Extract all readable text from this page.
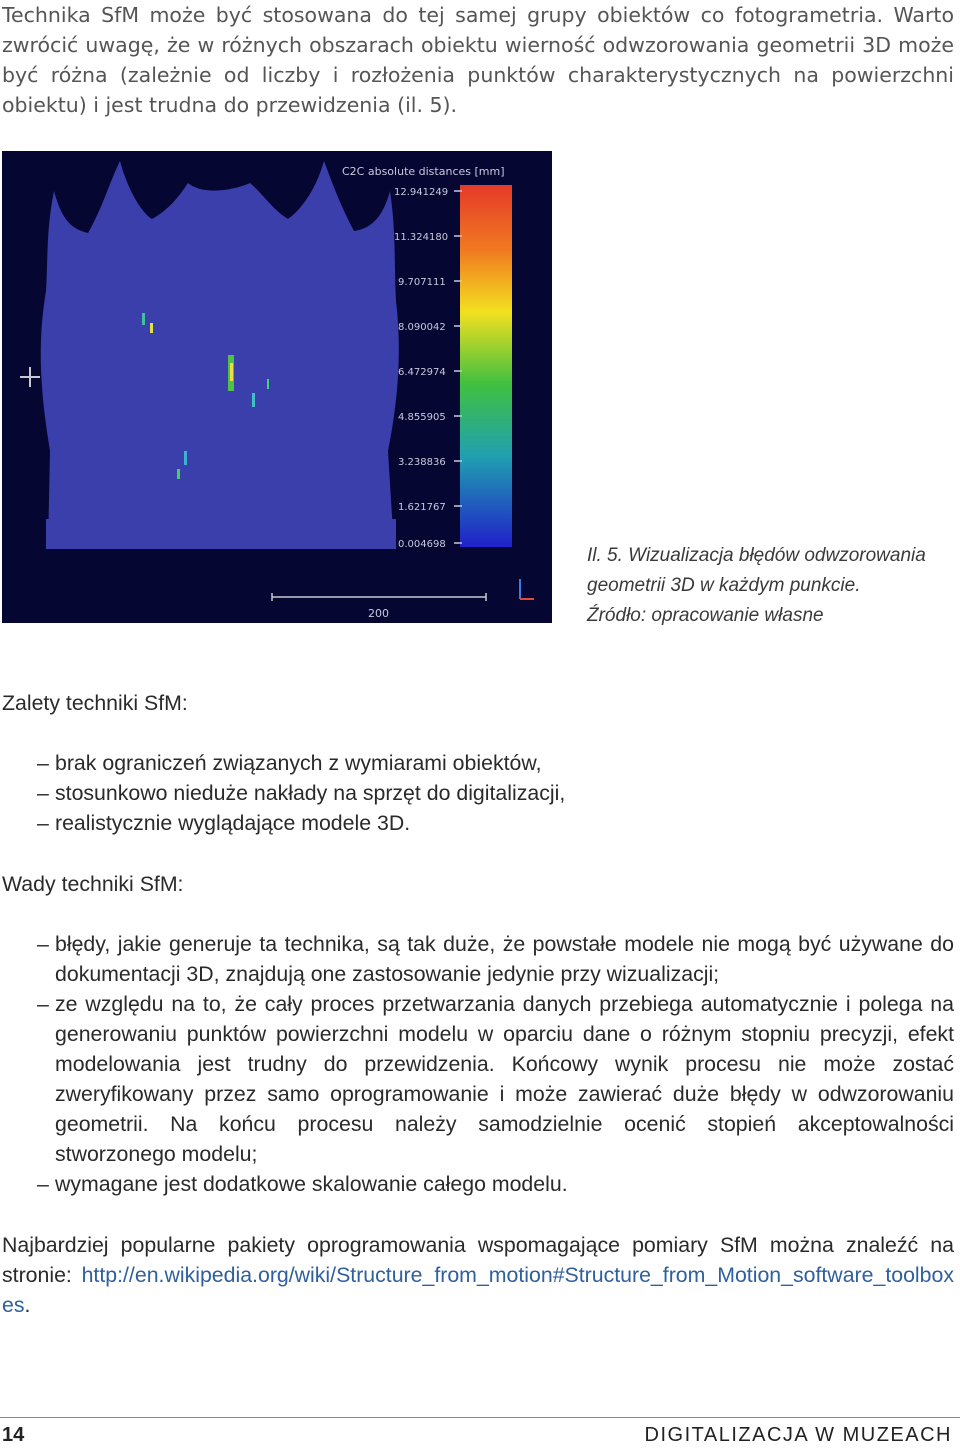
Technika SfM może być stosowana do tej samej grupy obiektów co fotogrametria. Warto zwrócić uwagę, że w różnych obszarach obiektu wierność odwzorowania geometrii 3D może być różna (zależnie od liczby i rozłożenia punktów charakterystycznych na powierzchni obiektu) i jest trudna do przewidzenia (il. 5).

C2C absolute distances [mm]
12.941249
11.324180
9.707111
8.090042
6.472974
4.855905
3.238836
1.621767
0.004698
200
Il. 5. Wizualizacja błędów odwzorowania
geometrii 3D w każdym punkcie.
Źródło: opracowanie własne

Zalety techniki SfM:

– brak ograniczeń związanych z wymiarami obiektów,
– stosunkowo nieduże nakłady na sprzęt do digitalizacji,
– realistycznie wyglądające modele 3D.

Wady techniki SfM:

– błędy, jakie generuje ta technika, są tak duże, że powstałe modele nie mogą być używane do dokumentacji 3D, znajdują one zastosowanie jedynie przy wizualizacji;
– ze względu na to, że cały proces przetwarzania danych przebiega automatycznie i polega na generowaniu punktów powierzchni modelu w oparciu dane o różnym stopniu precyzji, efekt modelowania jest trudny do przewidzenia. Końcowy wynik procesu nie może zostać zweryfikowany przez samo oprogramowanie i może zawierać duże błędy w odwzorowaniu geometrii. Na końcu procesu należy samodzielnie ocenić stopień akceptowalności stworzonego modelu;
– wymagane jest dodatkowe skalowanie całego modelu.

Najbardziej popularne pakiety oprogramowania wspomagające pomiary SfM można znaleźć na stronie: http://en.wikipedia.org/wiki/Structure_from_motion#Structure_from_Motion_software_toolboxes.

14	DIGITALIZACJA W MUZEACH
